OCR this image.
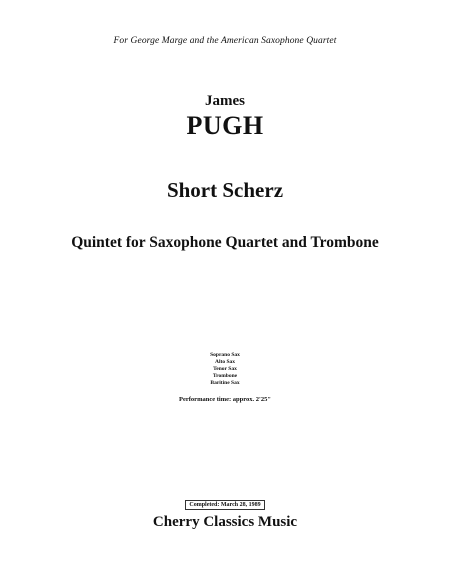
For George Marge and the American Saxophone Quartet
James
PUGH
Short Scherz
Quintet for Saxophone Quartet and Trombone
Soprano Sax
Alto Sax
Tenor Sax
Trombone
Baritine Sax
Performance time: approx. 2'25"
Completed: March 28, 1989
Cherry Classics Music
